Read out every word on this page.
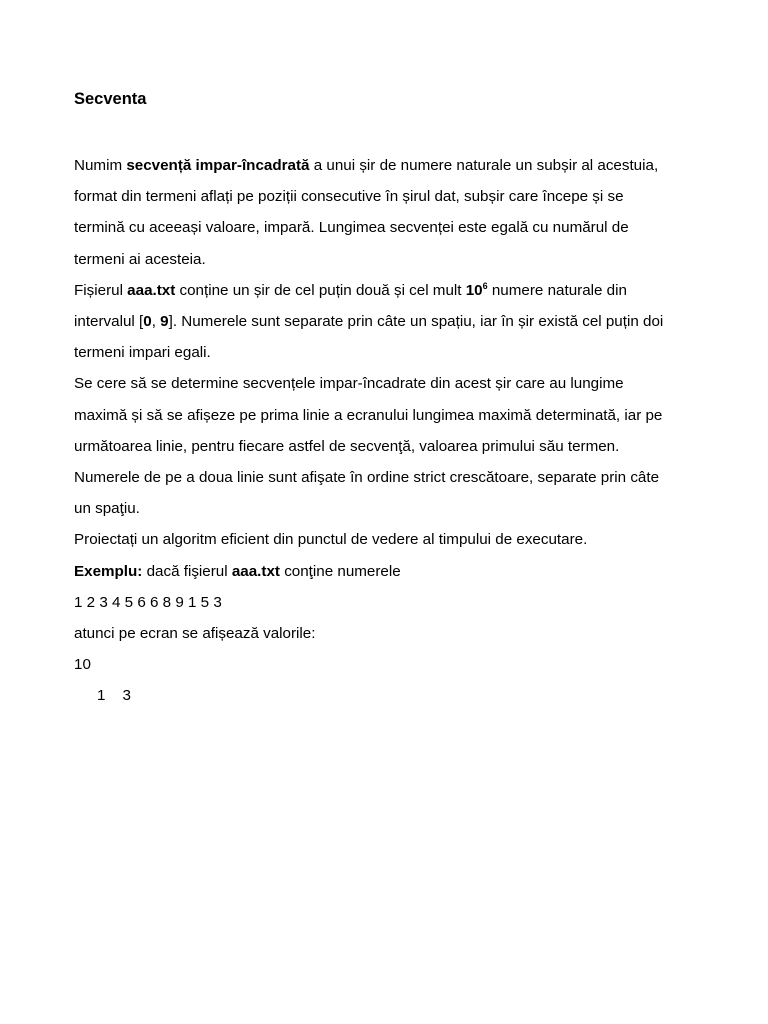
Secventa

Numim secvență impar-încadrată a unui șir de numere naturale un subșir al acestuia,

format din termeni aflați pe poziții consecutive în șirul dat, subșir care începe și se

termină cu aceeași valoare, impară. Lungimea secvenței este egală cu numărul de

termeni ai acesteia.

Fișierul aaa.txt conține un șir de cel puțin două și cel mult $10^6$ numere naturale din

intervalul [0, 9]. Numerele sunt separate prin câte un spațiu, iar în șir există cel puțin doi

termeni impari egali.

Se cere să se determine secvențele impar-încadrate din acest șir care au lungime

maximă și să se afișeze pe prima linie a ecranului lungimea maximă determinată, iar pe

următoarea linie, pentru fiecare astfel de secvenţă, valoarea primului său termen.

Numerele de pe a doua linie sunt afişate în ordine strict crescătoare, separate prin câte

un spaţiu.

Proiectați un algoritm eficient din punctul de vedere al timpului de executare.

Exemplu: dacă fişierul aaa.txt conţine numerele

1 2 3 4 5 6 6 8 9 1 5 3

atunci pe ecran se afișează valorile:

10

1 3
